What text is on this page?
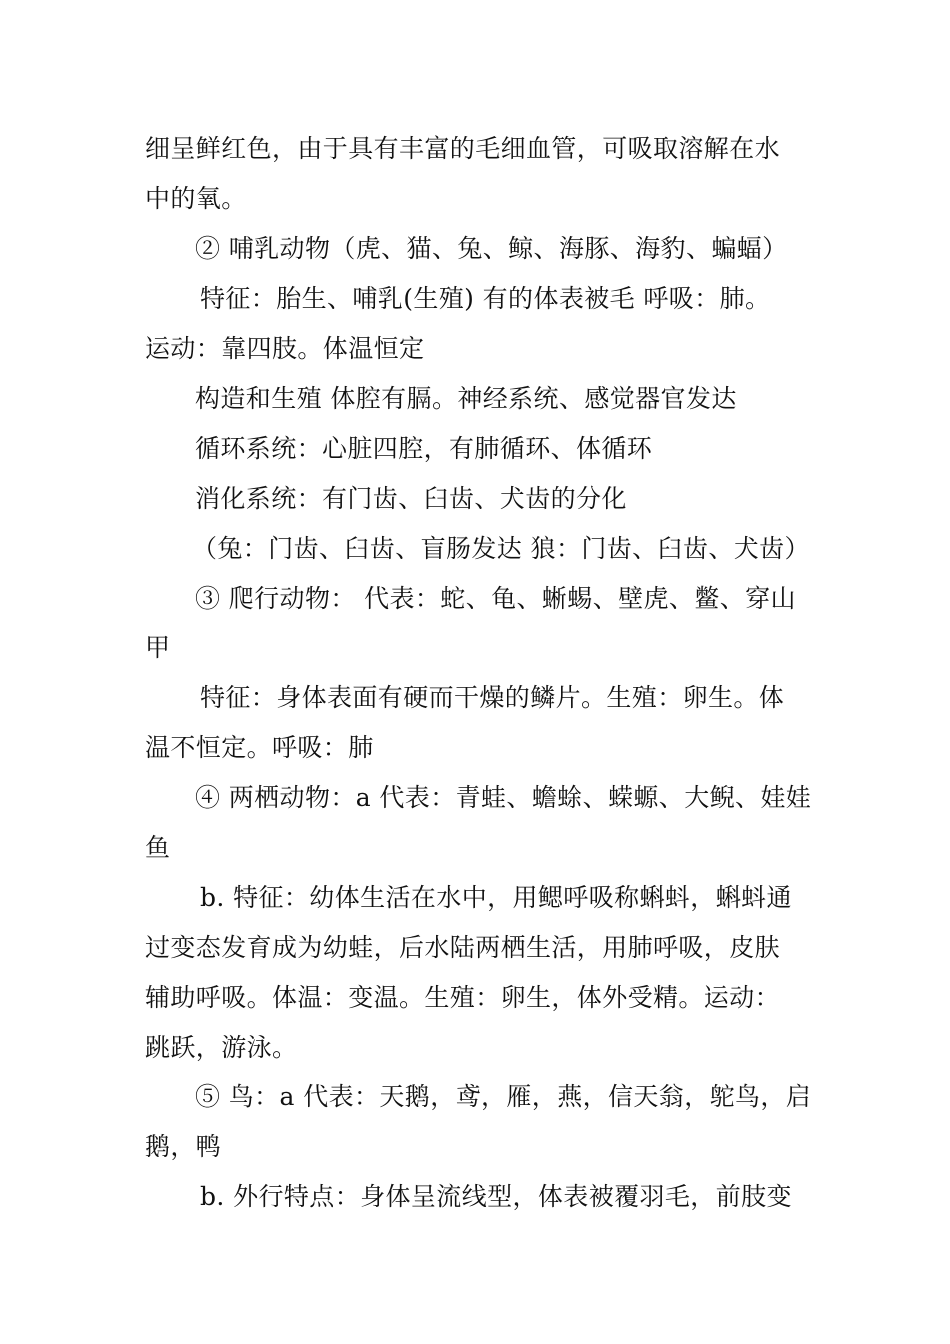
细呈鲜红色，由于具有丰富的毛细血管，可吸取溶解在水
中的氧。
② 哺乳动物（虎、猫、兔、鲸、海豚、海豹、蝙蝠）
特征：胎生、哺乳(生殖) 有的体表被毛 呼吸：肺。
运动：靠四肢。体温恒定
构造和生殖 体腔有膈。神经系统、感觉器官发达
循环系统：心脏四腔，有肺循环、体循环
消化系统：有门齿、臼齿、犬齿的分化
（兔：门齿、臼齿、盲肠发达 狼：门齿、臼齿、犬齿）
③ 爬行动物： 代表：蛇、龟、蜥蜴、壁虎、鳖、穿山
甲
特征：身体表面有硬而干燥的鳞片。生殖：卵生。体
温不恒定。呼吸：肺
④ 两栖动物：a 代表：青蛙、蟾蜍、蝾螈、大鲵、娃娃
鱼
b. 特征：幼体生活在水中，用鳃呼吸称蝌蚪，蝌蚪通
过变态发育成为幼蛙，后水陆两栖生活，用肺呼吸，皮肤
辅助呼吸。体温：变温。生殖：卵生，体外受精。运动：
跳跃，游泳。
⑤ 鸟：a 代表：天鹅，鸢，雁，燕，信天翁，鸵鸟，启
鹅，鸭
b. 外行特点：身体呈流线型，体表被覆羽毛，前肢变
